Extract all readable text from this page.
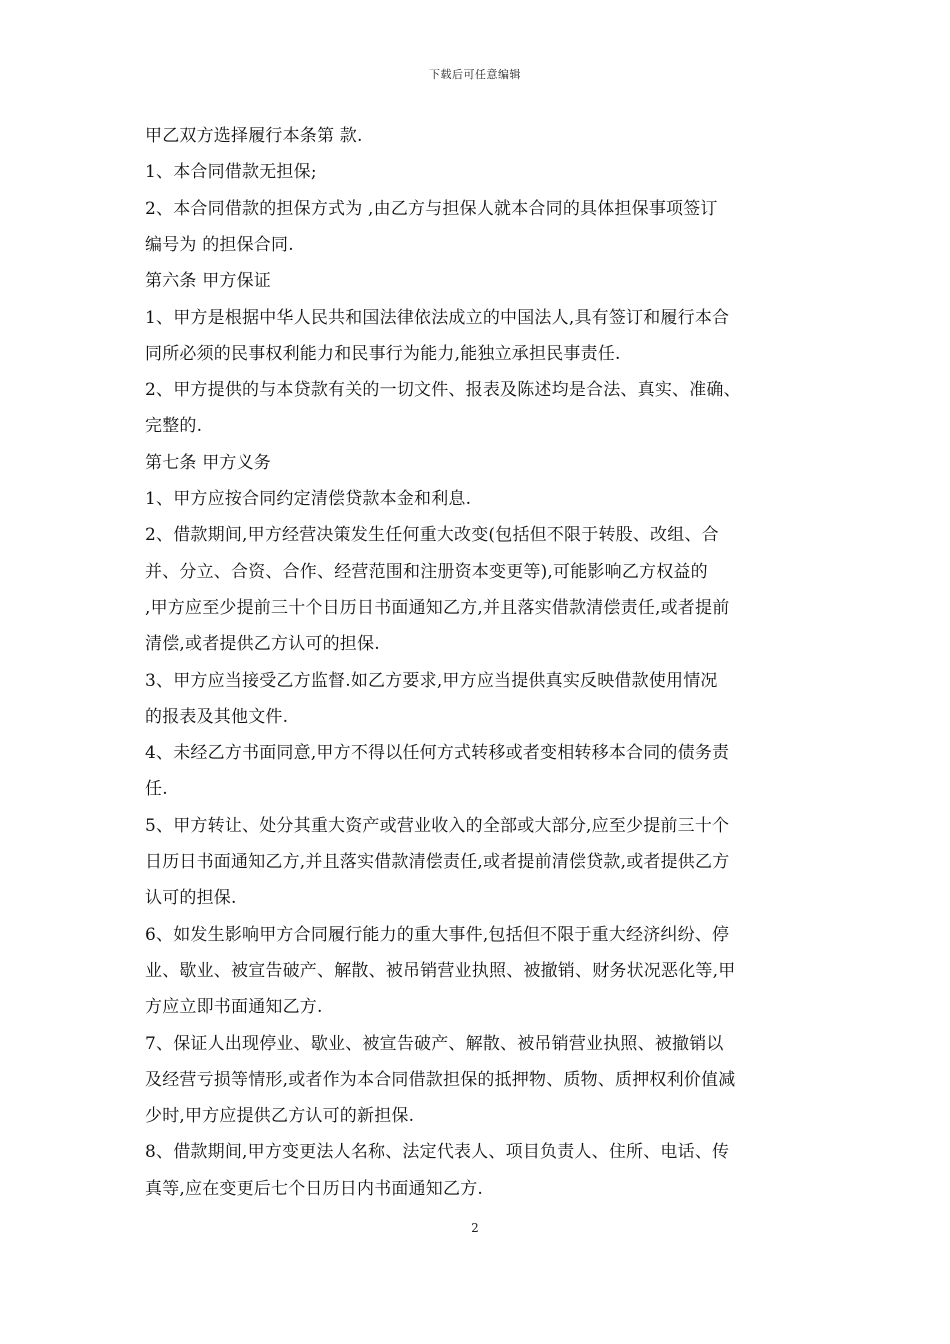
下载后可任意编辑
甲乙双方选择履行本条第 款.
1、本合同借款无担保;
2、本合同借款的担保方式为 ,由乙方与担保人就本合同的具体担保事项签订
编号为 的担保合同.
第六条 甲方保证
1、甲方是根据中华人民共和国法律依法成立的中国法人,具有签订和履行本合
同所必须的民事权利能力和民事行为能力,能独立承担民事责任.
2、甲方提供的与本贷款有关的一切文件、报表及陈述均是合法、真实、准确、
完整的.
第七条 甲方义务
1、甲方应按合同约定清偿贷款本金和利息.
2、借款期间,甲方经营决策发生任何重大改变(包括但不限于转股、改组、合
并、分立、合资、合作、经营范围和注册资本变更等),可能影响乙方权益的
,甲方应至少提前三十个日历日书面通知乙方,并且落实借款清偿责任,或者提前
清偿,或者提供乙方认可的担保.
3、甲方应当接受乙方监督.如乙方要求,甲方应当提供真实反映借款使用情况
的报表及其他文件.
4、未经乙方书面同意,甲方不得以任何方式转移或者变相转移本合同的债务责
任.
5、甲方转让、处分其重大资产或营业收入的全部或大部分,应至少提前三十个
日历日书面通知乙方,并且落实借款清偿责任,或者提前清偿贷款,或者提供乙方
认可的担保.
6、如发生影响甲方合同履行能力的重大事件,包括但不限于重大经济纠纷、停
业、歇业、被宣告破产、解散、被吊销营业执照、被撤销、财务状况恶化等,甲
方应立即书面通知乙方.
7、保证人出现停业、歇业、被宣告破产、解散、被吊销营业执照、被撤销以
及经营亏损等情形,或者作为本合同借款担保的抵押物、质物、质押权利价值减
少时,甲方应提供乙方认可的新担保.
8、借款期间,甲方变更法人名称、法定代表人、项目负责人、住所、电话、传
真等,应在变更后七个日历日内书面通知乙方.
2
